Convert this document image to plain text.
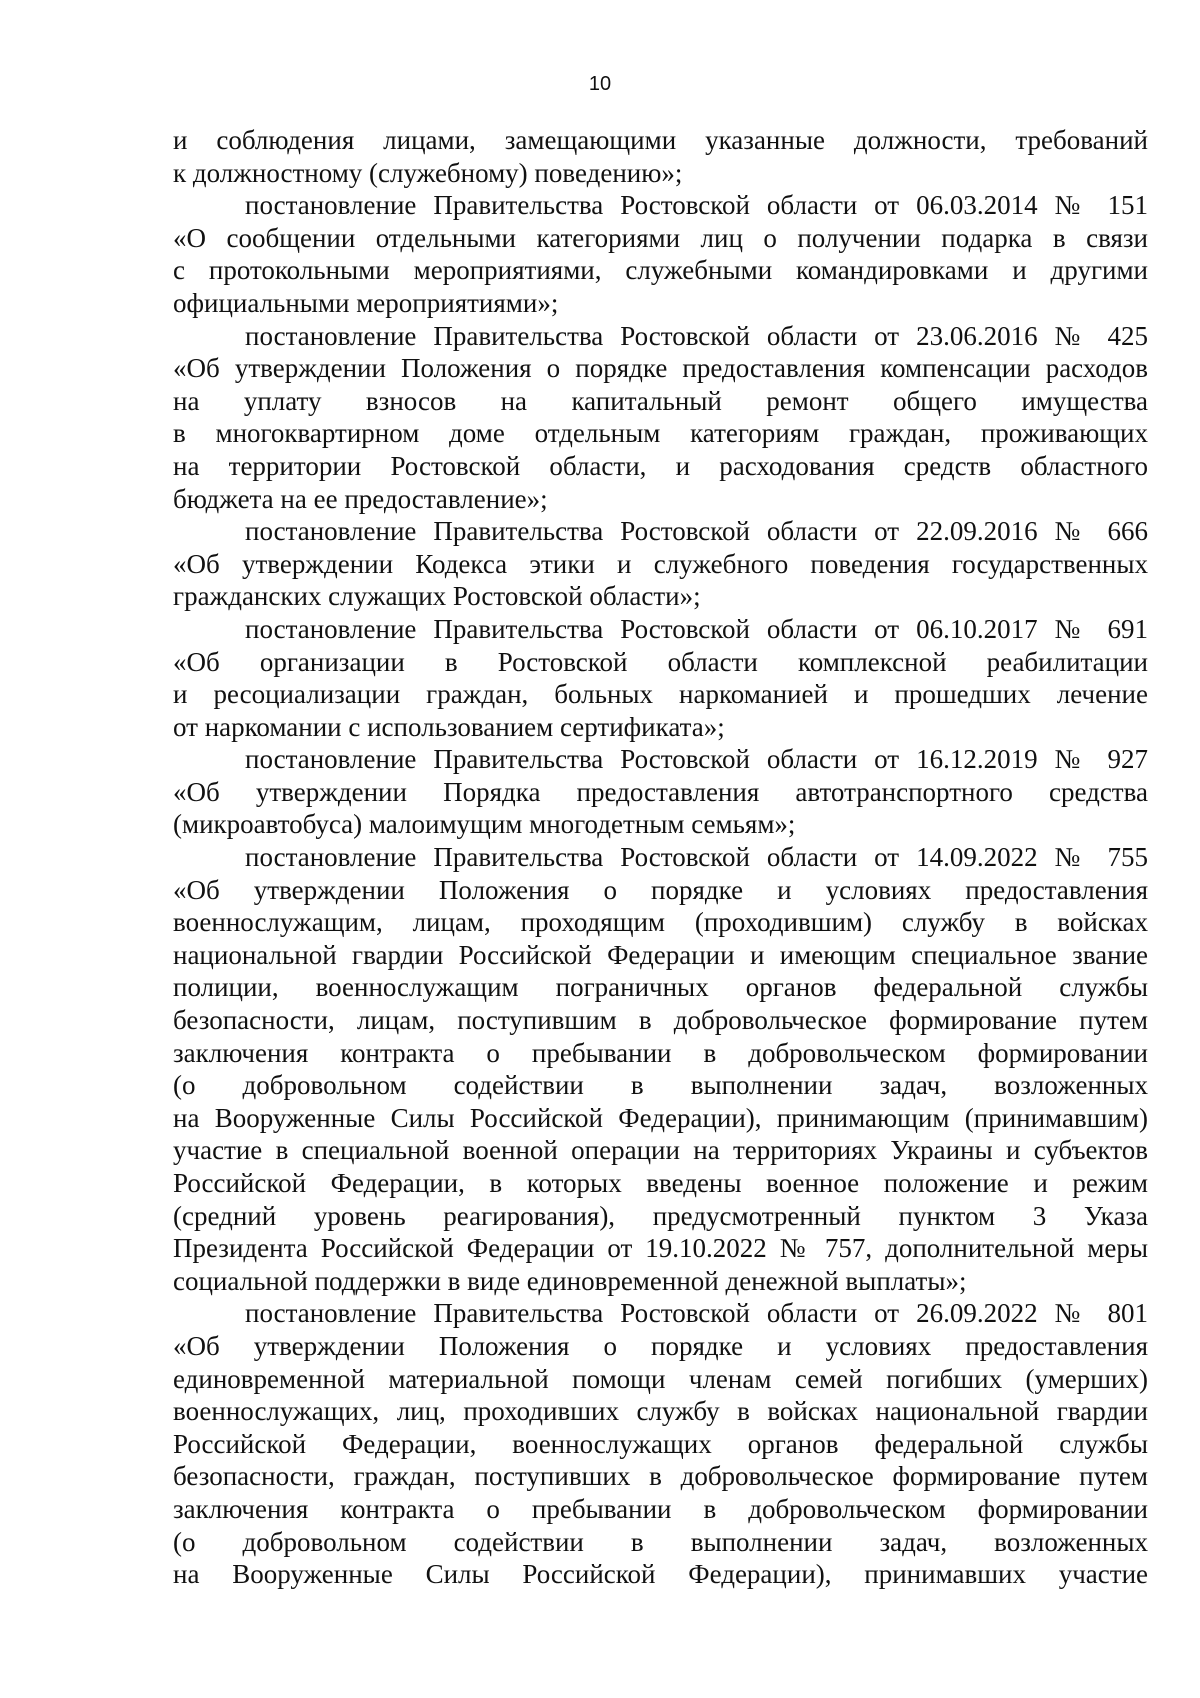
10
и соблюдения лицами, замещающими указанные должности, требований
к должностному (служебному) поведению»;
постановление Правительства Ростовской области от 06.03.2014 № 151
«О сообщении отдельными категориями лиц о получении подарка в связи
с протокольными мероприятиями, служебными командировками и другими
официальными мероприятиями»;
постановление Правительства Ростовской области от 23.06.2016 № 425
«Об утверждении Положения о порядке предоставления компенсации расходов
на уплату взносов на капитальный ремонт общего имущества
в многоквартирном доме отдельным категориям граждан, проживающих
на территории Ростовской области, и расходования средств областного
бюджета на ее предоставление»;
постановление Правительства Ростовской области от 22.09.2016 № 666
«Об утверждении Кодекса этики и служебного поведения государственных
гражданских служащих Ростовской области»;
постановление Правительства Ростовской области от 06.10.2017 № 691
«Об организации в Ростовской области комплексной реабилитации
и ресоциализации граждан, больных наркоманией и прошедших лечение
от наркомании с использованием сертификата»;
постановление Правительства Ростовской области от 16.12.2019 № 927
«Об утверждении Порядка предоставления автотранспортного средства
(микроавтобуса) малоимущим многодетным семьям»;
постановление Правительства Ростовской области от 14.09.2022 № 755
«Об утверждении Положения о порядке и условиях предоставления
военнослужащим, лицам, проходящим (проходившим) службу в войсках
национальной гвардии Российской Федерации и имеющим специальное звание
полиции, военнослужащим пограничных органов федеральной службы
безопасности, лицам, поступившим в добровольческое формирование путем
заключения контракта о пребывании в добровольческом формировании
(о добровольном содействии в выполнении задач, возложенных
на Вооруженные Силы Российской Федерации), принимающим (принимавшим)
участие в специальной военной операции на территориях Украины и субъектов
Российской Федерации, в которых введены военное положение и режим
(средний уровень реагирования), предусмотренный пунктом 3 Указа
Президента Российской Федерации от 19.10.2022 № 757, дополнительной меры
социальной поддержки в виде единовременной денежной выплаты»;
постановление Правительства Ростовской области от 26.09.2022 № 801
«Об утверждении Положения о порядке и условиях предоставления
единовременной материальной помощи членам семей погибших (умерших)
военнослужащих, лиц, проходивших службу в войсках национальной гвардии
Российской Федерации, военнослужащих органов федеральной службы
безопасности, граждан, поступивших в добровольческое формирование путем
заключения контракта о пребывании в добровольческом формировании
(о добровольном содействии в выполнении задач, возложенных
на Вооруженные Силы Российской Федерации), принимавших участие
